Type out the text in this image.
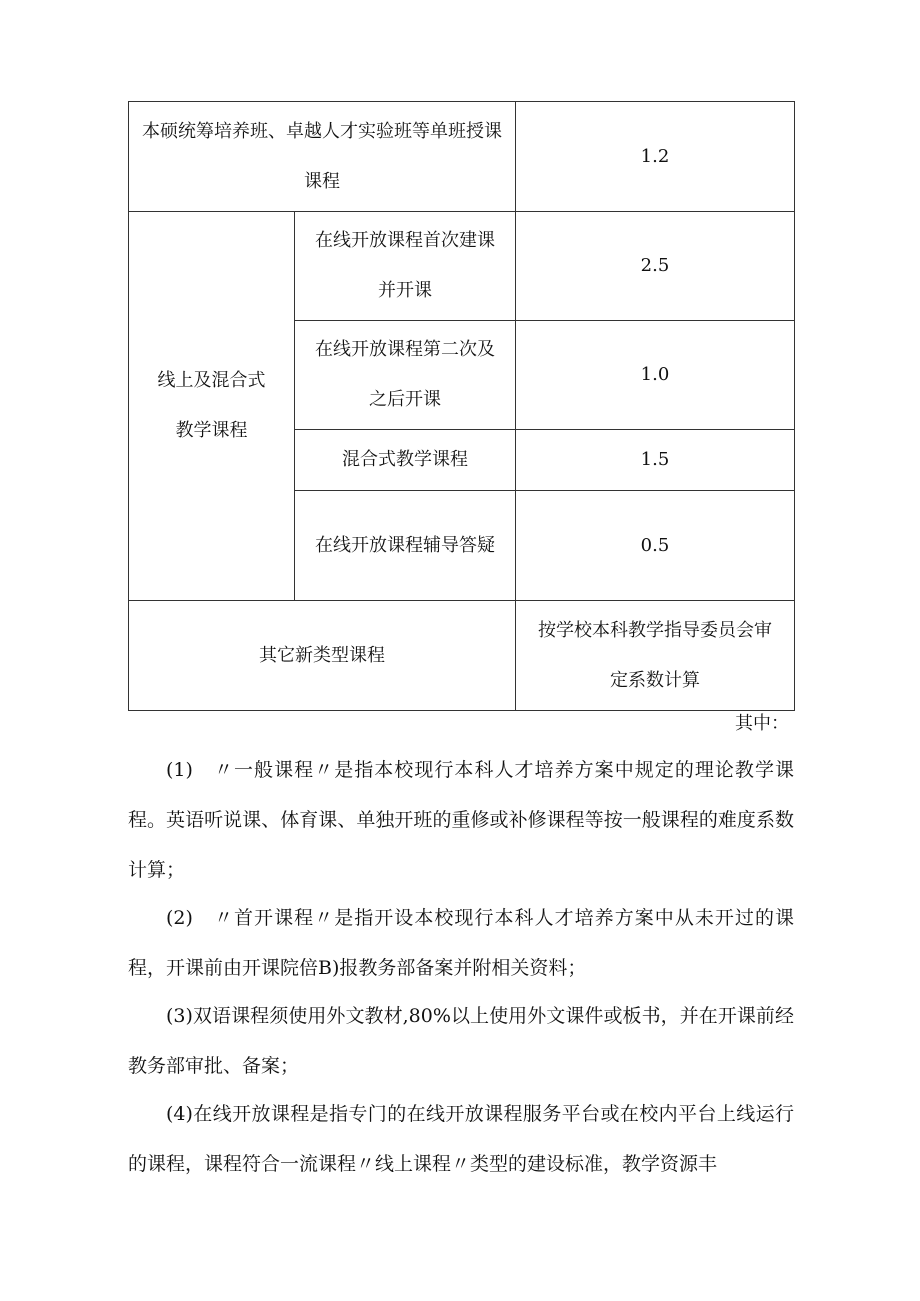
本硕统筹培养班、卓越人才实验班等单班授课课程		1.2
线上及混合式教学课程	在线开放课程首次建课并开课	2.5
	在线开放课程第二次及之后开课	1.0
	混合式教学课程	1.5
	在线开放课程辅导答疑	0.5
其它新类型课程		按学校本科教学指导委员会审定系数计算
其中：

(1)　〃一般课程〃是指本校现行本科人才培养方案中规定的理论教学课程。英语听说课、体育课、单独开班的重修或补修课程等按一般课程的难度系数计算；

(2)　〃首开课程〃是指开设本校现行本科人才培养方案中从未开过的课程，开课前由开课院倍B)报教务部备案并附相关资料；

(3)双语课程须使用外文教材,80%以上使用外文课件或板书，并在开课前经教务部审批、备案；

(4)在线开放课程是指专门的在线开放课程服务平台或在校内平台上线运行的课程，课程符合一流课程〃线上课程〃类型的建设标准，教学资源丰
